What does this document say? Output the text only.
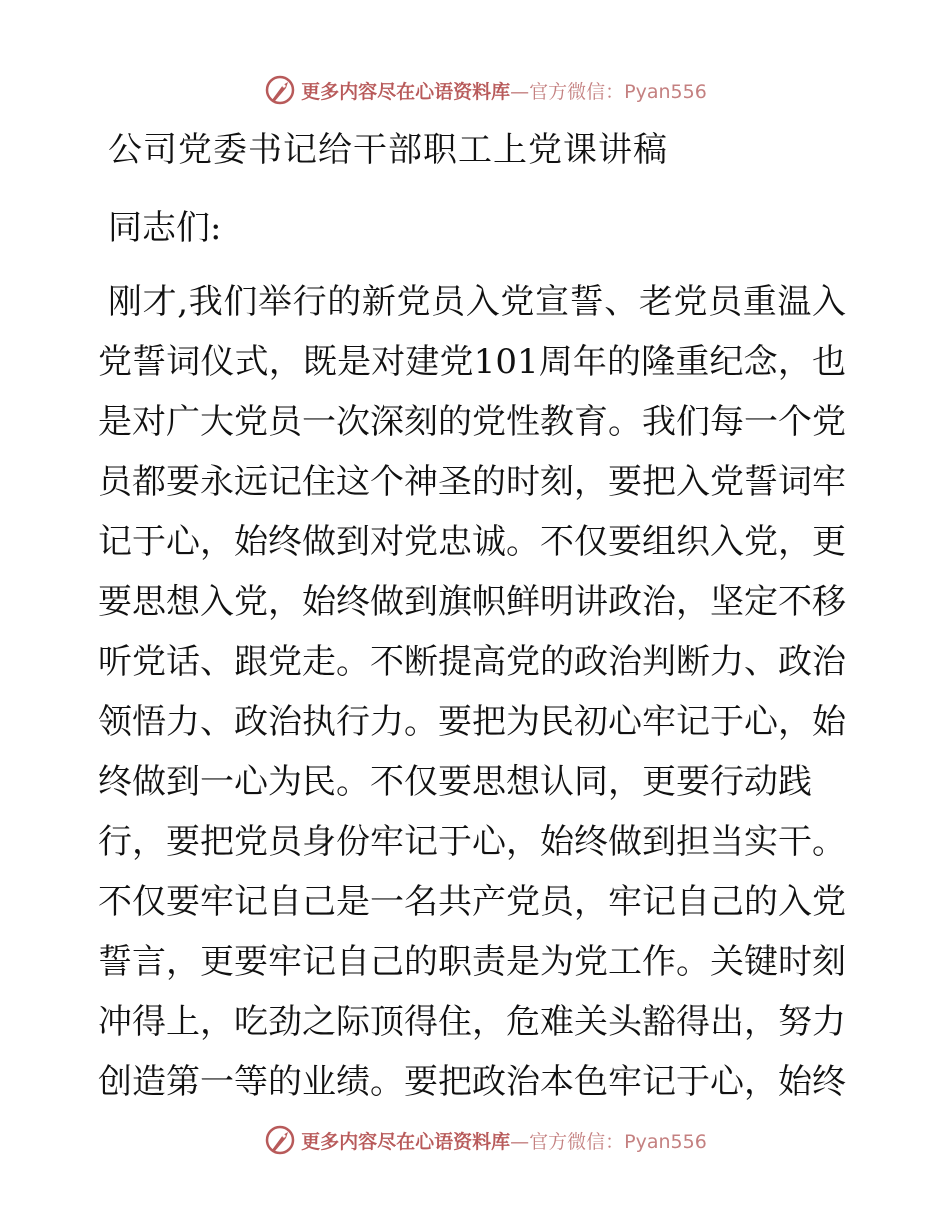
更多内容尽在心语资料库—官方微信：Pyan556
公司党委书记给干部职工上党课讲稿
同志们:
刚才,我们举行的新党员入党宣誓、老党员重温入
党誓词仪式，既是对建党101周年的隆重纪念，也
是对广大党员一次深刻的党性教育。我们每一个党
员都要永远记住这个神圣的时刻，要把入党誓词牢
记于心，始终做到对党忠诚。不仅要组织入党，更
要思想入党，始终做到旗帜鲜明讲政治，坚定不移
听党话、跟党走。不断提高党的政治判断力、政治
领悟力、政治执行力。要把为民初心牢记于心，始
终做到一心为民。不仅要思想认同，更要行动践
行，要把党员身份牢记于心，始终做到担当实干。
不仅要牢记自己是一名共产党员，牢记自己的入党
誓言，更要牢记自己的职责是为党工作。关键时刻
冲得上，吃劲之际顶得住，危难关头豁得出，努力
创造第一等的业绩。要把政治本色牢记于心，始终
更多内容尽在心语资料库—官方微信：Pyan556
